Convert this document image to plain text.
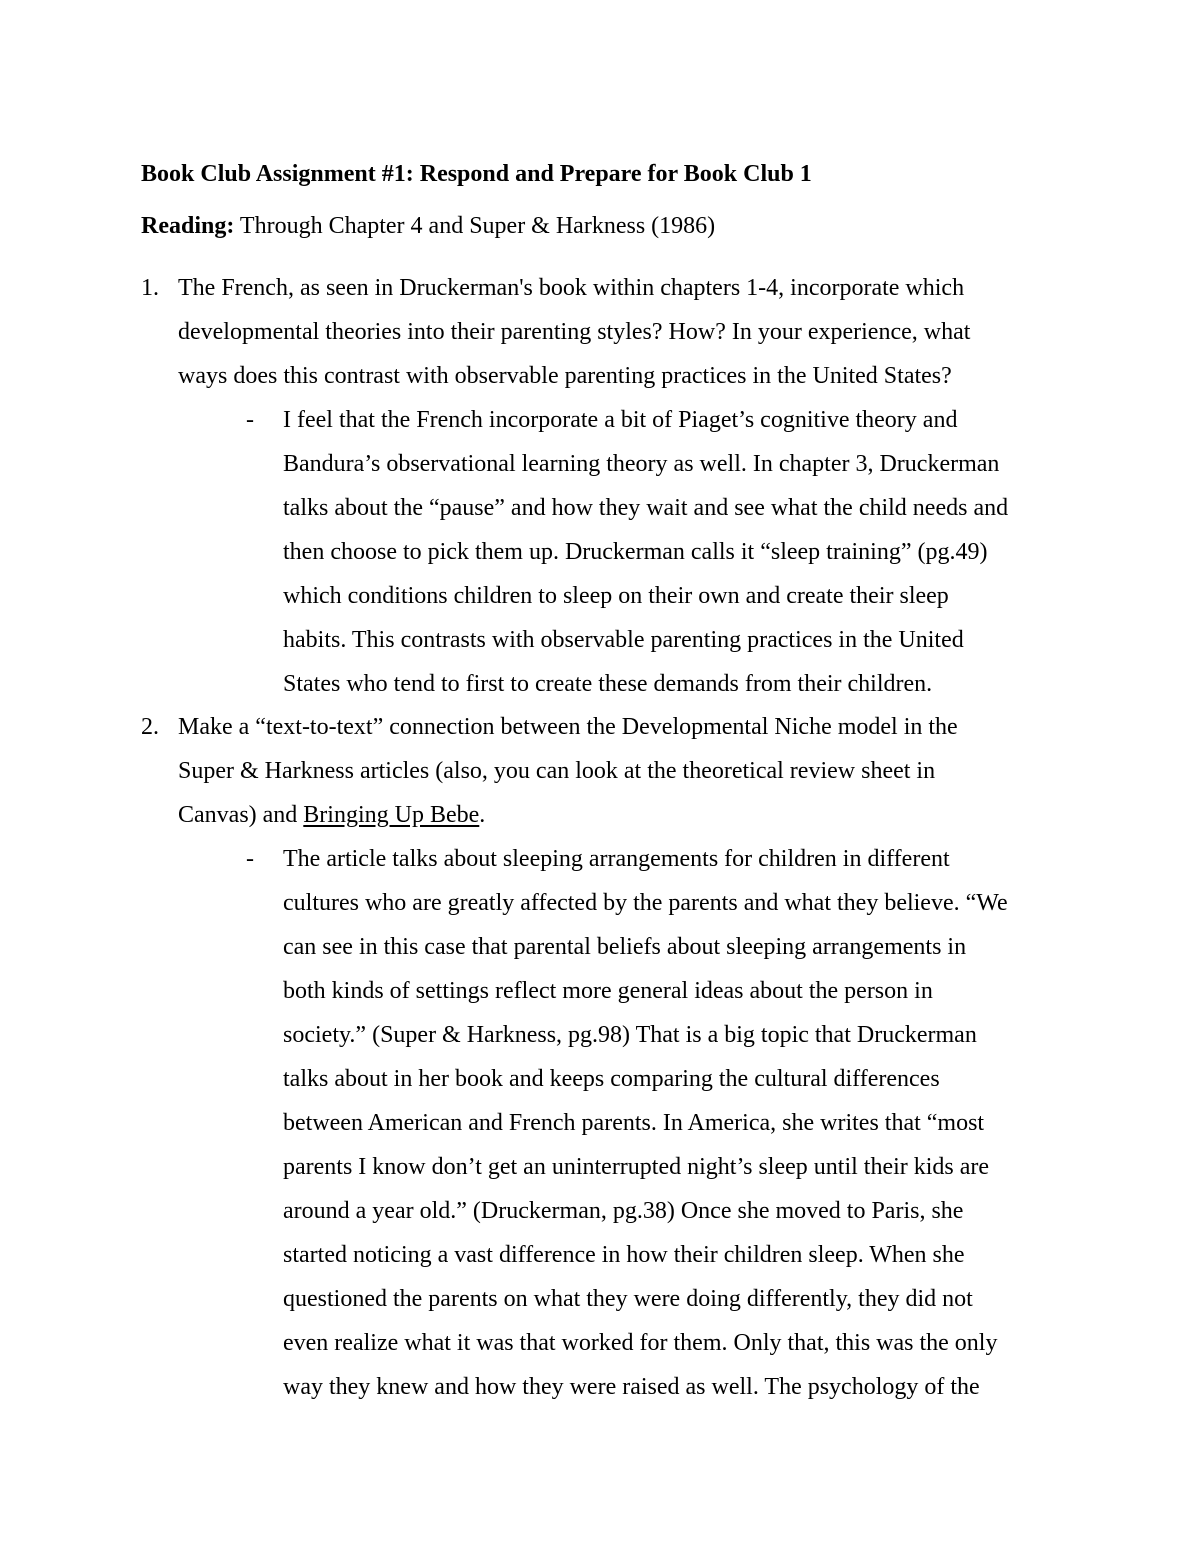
Book Club Assignment #1: Respond and Prepare for Book Club 1
Reading: Through Chapter 4 and Super & Harkness (1986)
1. The French, as seen in Druckerman's book within chapters 1-4, incorporate which
developmental theories into their parenting styles? How? In your experience, what
ways does this contrast with observable parenting practices in the United States?
- I feel that the French incorporate a bit of Piaget’s cognitive theory and
Bandura’s observational learning theory as well. In chapter 3, Druckerman
talks about the “pause” and how they wait and see what the child needs and
then choose to pick them up. Druckerman calls it “sleep training” (pg.49)
which conditions children to sleep on their own and create their sleep
habits. This contrasts with observable parenting practices in the United
States who tend to first to create these demands from their children.
2. Make a “text-to-text” connection between the Developmental Niche model in the
Super & Harkness articles (also, you can look at the theoretical review sheet in
Canvas) and Bringing Up Bebe.
- The article talks about sleeping arrangements for children in different
cultures who are greatly affected by the parents and what they believe. “We
can see in this case that parental beliefs about sleeping arrangements in
both kinds of settings reflect more general ideas about the person in
society.” (Super & Harkness, pg.98) That is a big topic that Druckerman
talks about in her book and keeps comparing the cultural differences
between American and French parents. In America, she writes that “most
parents I know don’t get an uninterrupted night’s sleep until their kids are
around a year old.” (Druckerman, pg.38) Once she moved to Paris, she
started noticing a vast difference in how their children sleep. When she
questioned the parents on what they were doing differently, they did not
even realize what it was that worked for them. Only that, this was the only
way they knew and how they were raised as well. The psychology of the
